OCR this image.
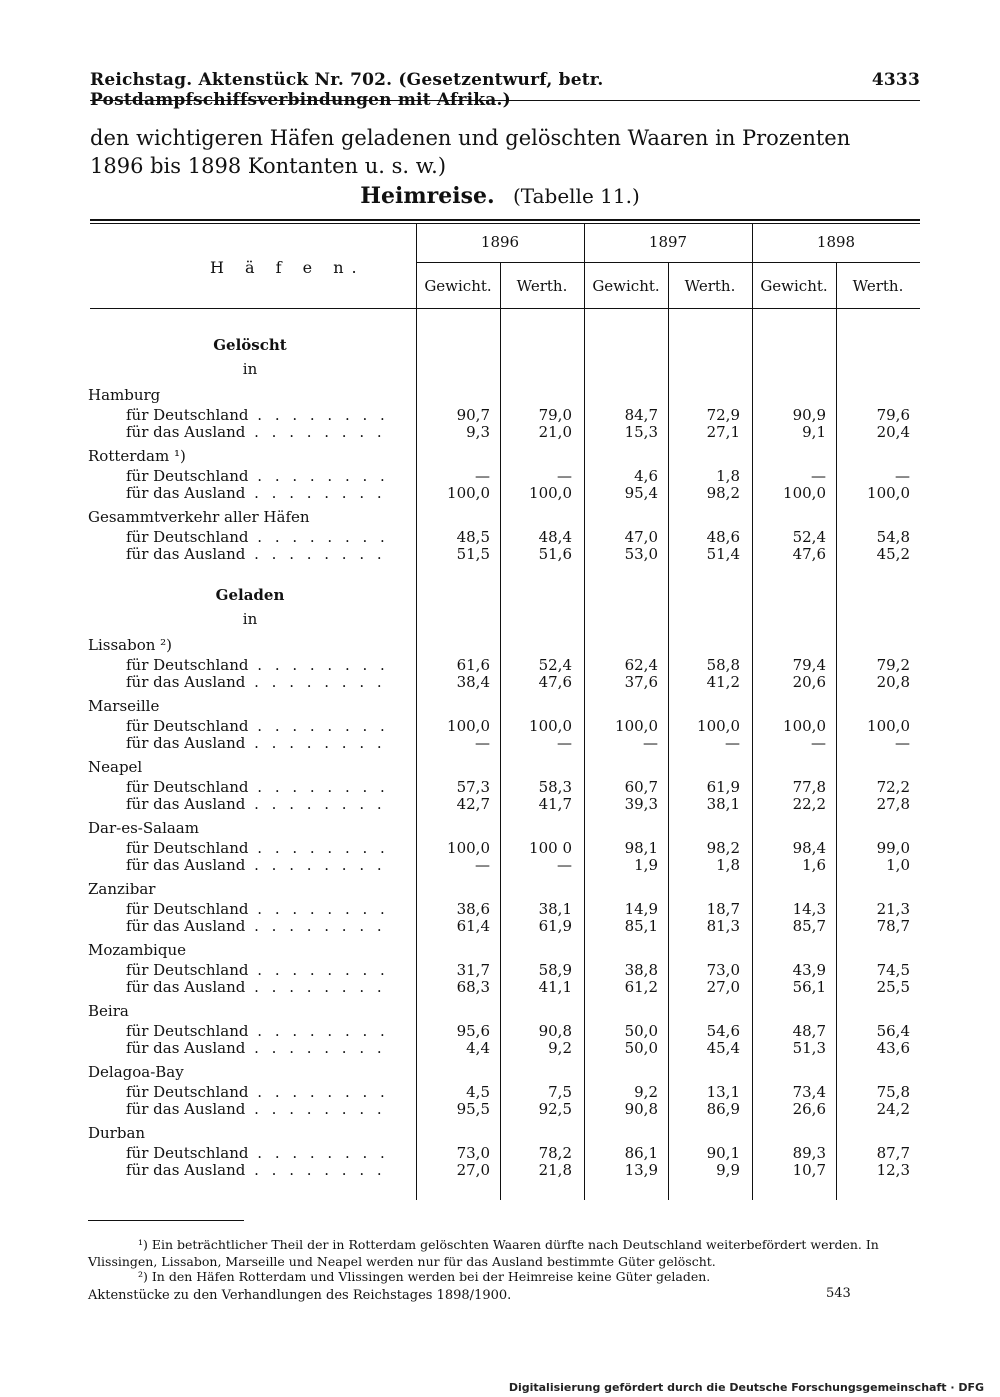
Reichstag. Aktenstück Nr. 702. (Gesetzentwurf, betr. Postdampfschiffsverbindungen mit Afrika.)
4333
den wichtigeren Häfen geladenen und gelöschten Waaren in Prozenten 1896 bis 1898 Kontanten u. s. w.)
Heimreise. (Tabelle 11.)
H ä f e n.
1896	1897	1898
Gewicht.	Werth.	Gewicht.	Werth.	Gewicht.	Werth.
Gelöscht
in
Hamburg
für Deutschland . . . . . . . .	90,7	79,0	84,7	72,9	90,9	79,6
für das Ausland . . . . . . . .	9,3	21,0	15,3	27,1	9,1	20,4
Rotterdam ¹)
für Deutschland . . . . . . . .	—	—	4,6	1,8	—	—
für das Ausland . . . . . . . .	100,0	100,0	95,4	98,2	100,0	100,0
Gesammtverkehr aller Häfen
für Deutschland . . . . . . . .	48,5	48,4	47,0	48,6	52,4	54,8
für das Ausland . . . . . . . .	51,5	51,6	53,0	51,4	47,6	45,2
Geladen
in
Lissabon ²)
für Deutschland . . . . . . . .	61,6	52,4	62,4	58,8	79,4	79,2
für das Ausland . . . . . . . .	38,4	47,6	37,6	41,2	20,6	20,8
Marseille
für Deutschland . . . . . . . .	100,0	100,0	100,0	100,0	100,0	100,0
für das Ausland . . . . . . . .	—	—	—	—	—	—
Neapel
für Deutschland . . . . . . . .	57,3	58,3	60,7	61,9	77,8	72,2
für das Ausland . . . . . . . .	42,7	41,7	39,3	38,1	22,2	27,8
Dar-es-Salaam
für Deutschland . . . . . . . .	100,0	100 0	98,1	98,2	98,4	99,0
für das Ausland . . . . . . . .	—	—	1,9	1,8	1,6	1,0
Zanzibar
für Deutschland . . . . . . . .	38,6	38,1	14,9	18,7	14,3	21,3
für das Ausland . . . . . . . .	61,4	61,9	85,1	81,3	85,7	78,7
Mozambique
für Deutschland . . . . . . . .	31,7	58,9	38,8	73,0	43,9	74,5
für das Ausland . . . . . . . .	68,3	41,1	61,2	27,0	56,1	25,5
Beira
für Deutschland . . . . . . . .	95,6	90,8	50,0	54,6	48,7	56,4
für das Ausland . . . . . . . .	4,4	9,2	50,0	45,4	51,3	43,6
Delagoa-Bay
für Deutschland . . . . . . . .	4,5	7,5	9,2	13,1	73,4	75,8
für das Ausland . . . . . . . .	95,5	92,5	90,8	86,9	26,6	24,2
Durban
für Deutschland . . . . . . . .	73,0	78,2	86,1	90,1	89,3	87,7
für das Ausland . . . . . . . .	27,0	21,8	13,9	9,9	10,7	12,3
¹) Ein beträchtlicher Theil der in Rotterdam gelöschten Waaren dürfte nach Deutschland weiterbefördert werden. In Vlissingen, Lissabon, Marseille und Neapel werden nur für das Ausland bestimmte Güter gelöscht.
²) In den Häfen Rotterdam und Vlissingen werden bei der Heimreise keine Güter geladen.
Aktenstücke zu den Verhandlungen des Reichstages 1898/1900.	543
Digitalisierung gefördert durch die Deutsche Forschungsgemeinschaft · DFG
